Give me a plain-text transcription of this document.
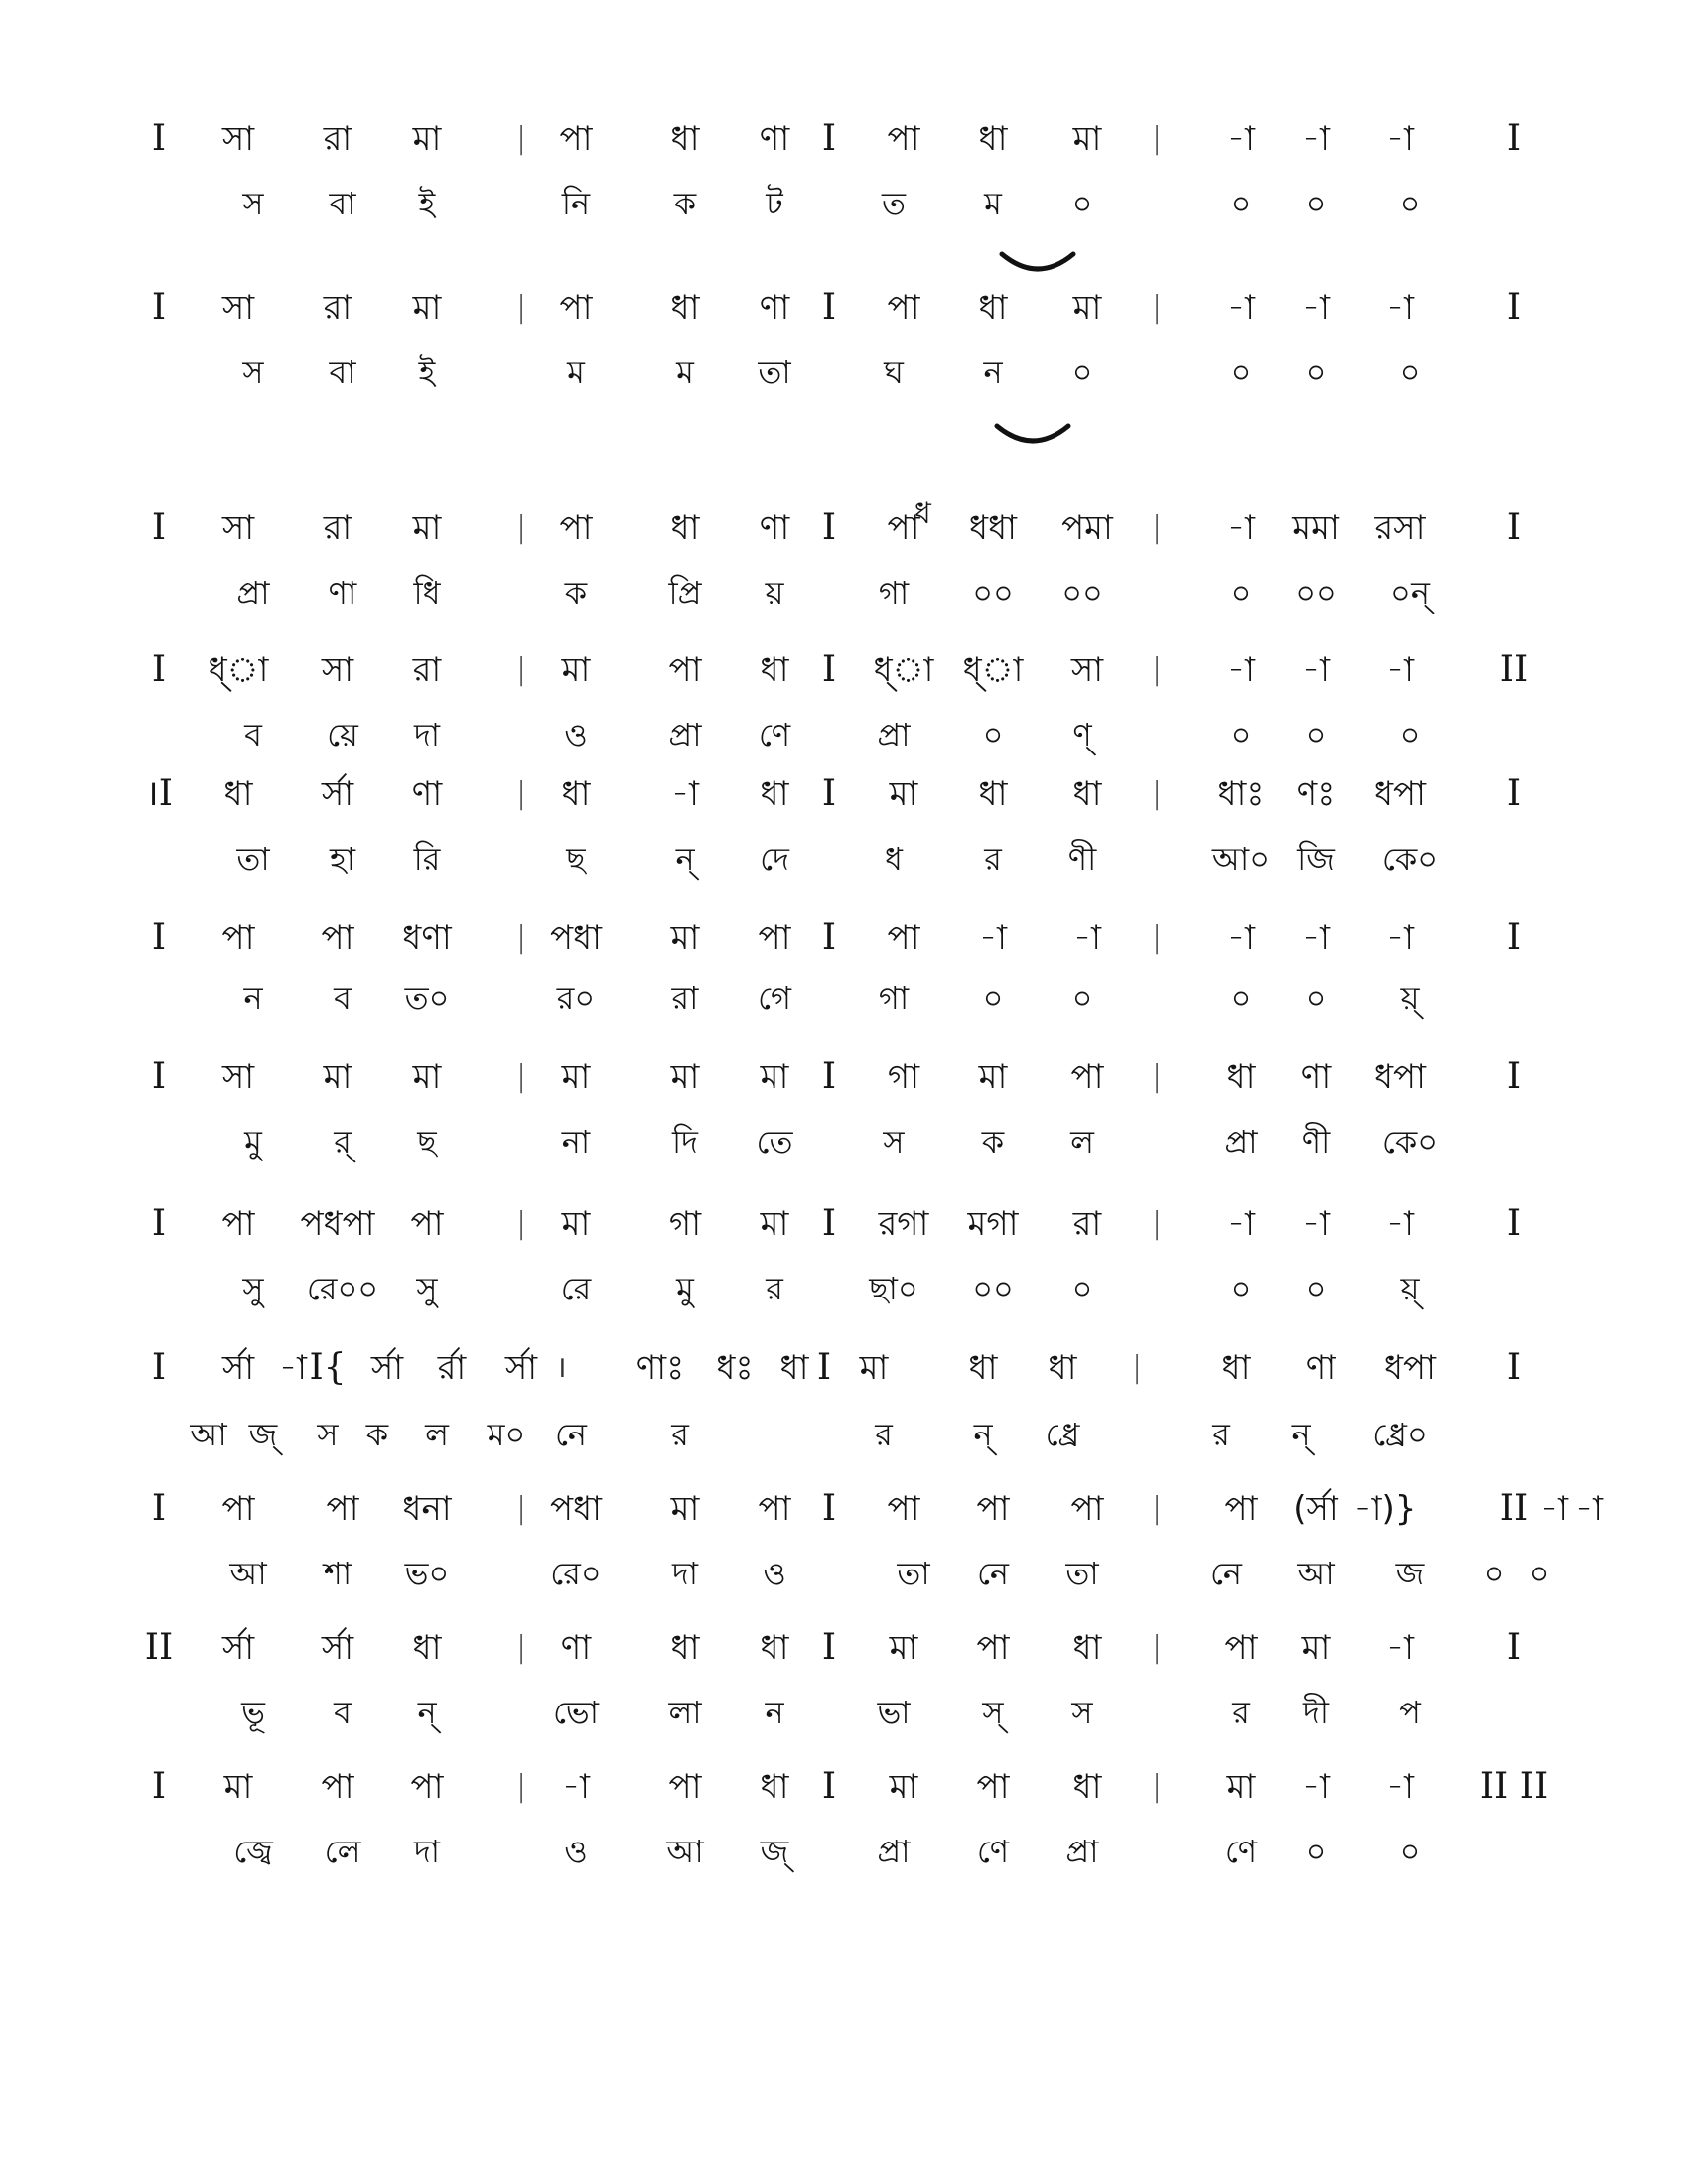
ধ
I সা রা মা	| পা ধা ণা I পা ধা মা | -া -া -া	I
স বা ই	নি	ক ট	ত ম ০	০ ০ ০
I সা রা মা	| পা ধা ণা I পা ধা মা | -া -া -া	I
স বা ই	ম	ম তা	ঘ	ন ০	০ ০ ০
I সা রা মা	| পা ধা ণা I পা ধধা পমা | -া মমা রসা I
প্রা ণা ধি	ক	প্রি য়	গা ০০ ০০	০ ০০ ০ন্
I ধ্া সা রা	| মা পা ধা I ধ্া ধ্া সা | -া -া -া II
ব য়ে দা	ও	প্রা ণে	প্রা ০ ণ্	০ ০ ০
।I ধা র্সা ণা | ধা -া ধা I মা ধা ধা | ধাঃ ণঃ ধপা I
তা হা রি	ছ	ন্ দে	ধ	র ণী	আ০ জি কে০
I পা পা ধণা | পধা মা পা I পা -া -া | -া -া -া	I
ন ব ত০	র০ রা গে	গা ০ ০	০ ০ য়্
I সা মা মা	| মা মা মা I গা মা পা | ধা ণা ধপা I
মু র্ ছ	না	দি তে	স ক ল	প্রা ণী কে০
I পা পধপা পা | মা গা মা I রগা মগা রা | -া -া -া	I
সু রে০০ সু	রে	মু র	ছা০ ০০ ০	০ ০ য়্
I র্সা -া I{ র্সা র্রা র্সা । ণাঃ ধঃ ধা I মা ধা ধা | ধা ণা ধপা I
আ জ্ স ক ল ম০ নে	র	র	ন্ ধ্রে	র ন্ ধ্রে০
I পা পা ধনা | পধা মা পা I পা পা পা | পা (র্সা -া)} II -া -া
আ শা ভ০	রে০ দা ও	তা নে তা	নে আ জ ০ ০
II র্সা র্সা ধা	| ণা ধা ধা I মা পা ধা | পা মা -া	I
ভূ ব ন্	ভো লা ন	ভা স্ স	র দী প
I মা পা পা | -া পা ধা I মা পা ধা | মা -া -া II II
জ্বে লে দা	ও আ জ্	প্রা ণে প্রা	ণে ০ ০
